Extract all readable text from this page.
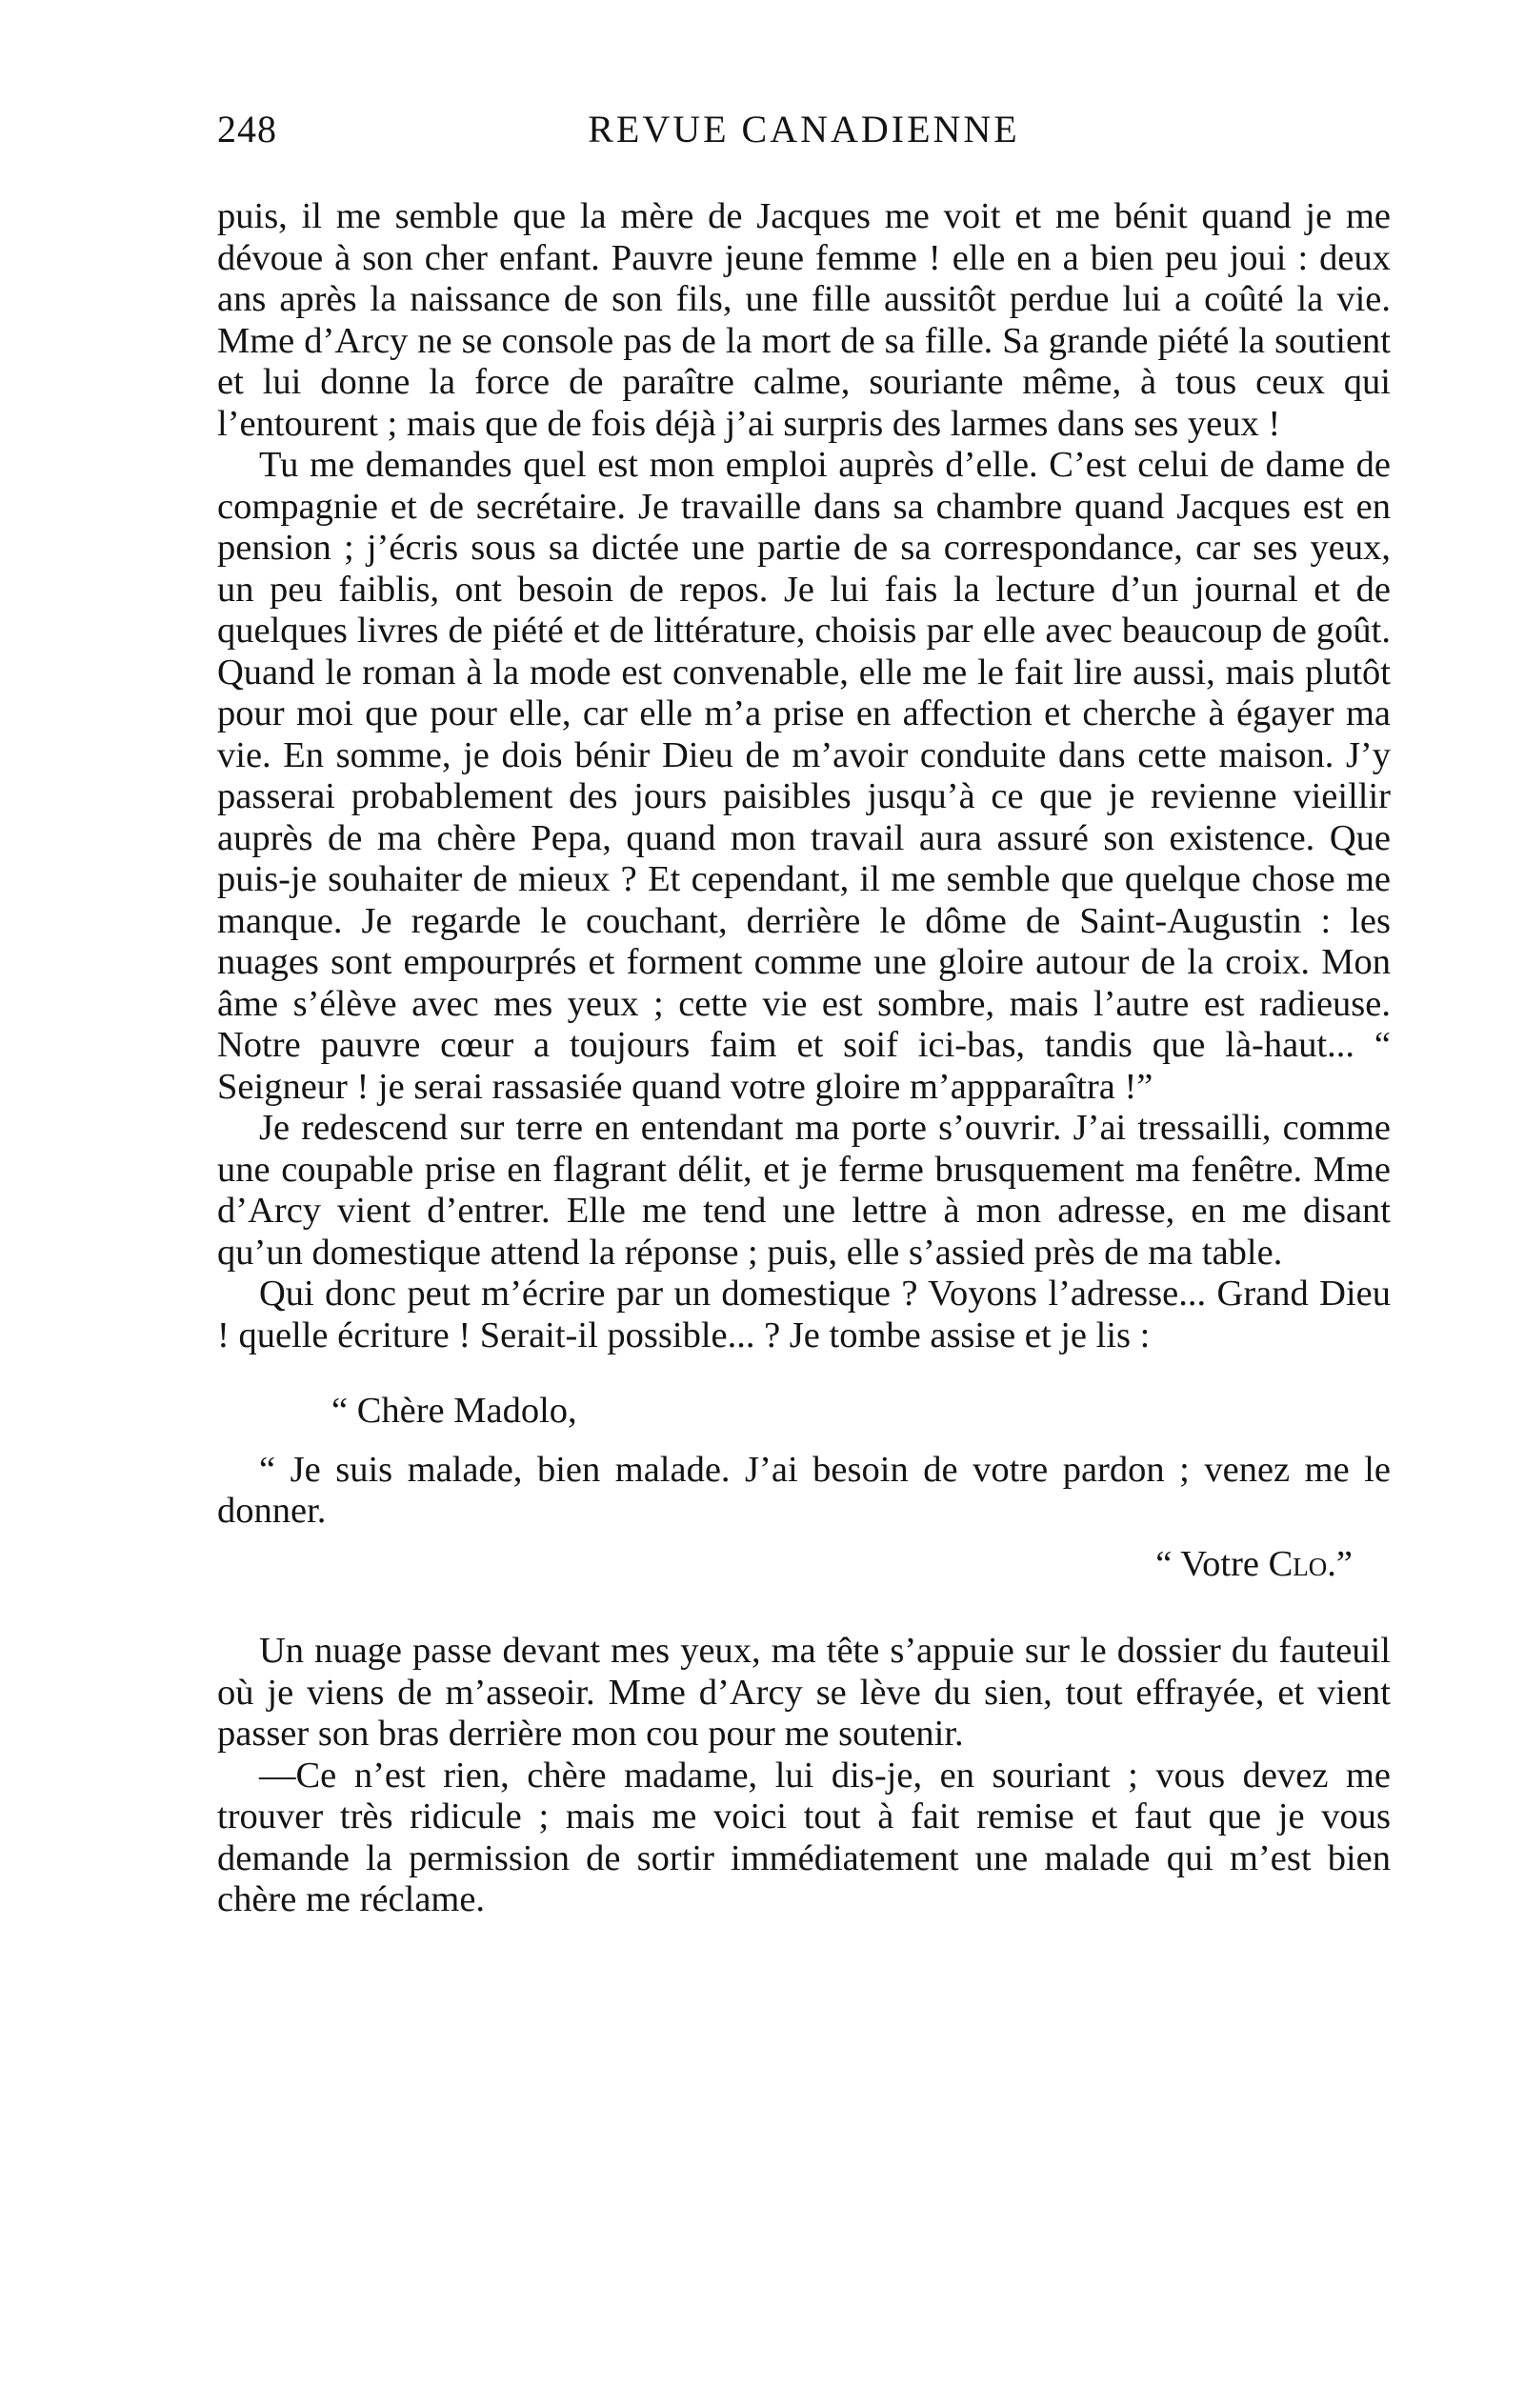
248	REVUE CANADIENNE

puis, il me semble que la mère de Jacques me voit et me bénit quand je me dévoue à son cher enfant. Pauvre jeune femme ! elle en a bien peu joui : deux ans après la naissance de son fils, une fille aussitôt perdue lui a coûté la vie. Mme d’Arcy ne se console pas de la mort de sa fille. Sa grande piété la soutient et lui donne la force de paraître calme, souriante même, à tous ceux qui l’entourent ; mais que de fois déjà j’ai surpris des larmes dans ses yeux !

Tu me demandes quel est mon emploi auprès d’elle. C’est celui de dame de compagnie et de secrétaire. Je travaille dans sa chambre quand Jacques est en pension ; j’écris sous sa dictée une partie de sa correspondance, car ses yeux, un peu faiblis, ont besoin de repos. Je lui fais la lecture d’un journal et de quelques livres de piété et de littérature, choisis par elle avec beaucoup de goût. Quand le roman à la mode est convenable, elle me le fait lire aussi, mais plutôt pour moi que pour elle, car elle m’a prise en affection et cherche à égayer ma vie. En somme, je dois bénir Dieu de m’avoir conduite dans cette maison. J’y passerai probablement des jours paisibles jusqu’à ce que je revienne vieillir auprès de ma chère Pepa, quand mon travail aura assuré son existence. Que puis-je souhaiter de mieux ? Et cependant, il me semble que quelque chose me manque. Je regarde le couchant, derrière le dôme de Saint-Augustin : les nuages sont empourprés et forment comme une gloire autour de la croix. Mon âme s’élève avec mes yeux ; cette vie est sombre, mais l’autre est radieuse. Notre pauvre cœur a toujours faim et soif ici-bas, tandis que là-haut... “ Seigneur ! je serai rassasiée quand votre gloire m’appparaîtra !”

Je redescend sur terre en entendant ma porte s’ouvrir. J’ai tressailli, comme une coupable prise en flagrant délit, et je ferme brusquement ma fenêtre. Mme d’Arcy vient d’entrer. Elle me tend une lettre à mon adresse, en me disant qu’un domestique attend la réponse ; puis, elle s’assied près de ma table.

Qui donc peut m’écrire par un domestique ? Voyons l’adresse... Grand Dieu ! quelle écriture ! Serait-il possible... ? Je tombe assise et je lis :

“ Chère Madolo,

“ Je suis malade, bien malade. J’ai besoin de votre pardon ; venez me le donner.

“ Votre Clo.”

Un nuage passe devant mes yeux, ma tête s’appuie sur le dossier du fauteuil où je viens de m’asseoir. Mme d’Arcy se lève du sien, tout effrayée, et vient passer son bras derrière mon cou pour me soutenir.

—Ce n’est rien, chère madame, lui dis-je, en souriant ; vous devez me trouver très ridicule ; mais me voici tout à fait remise et faut que je vous demande la permission de sortir immédiatement une malade qui m’est bien chère me réclame.
